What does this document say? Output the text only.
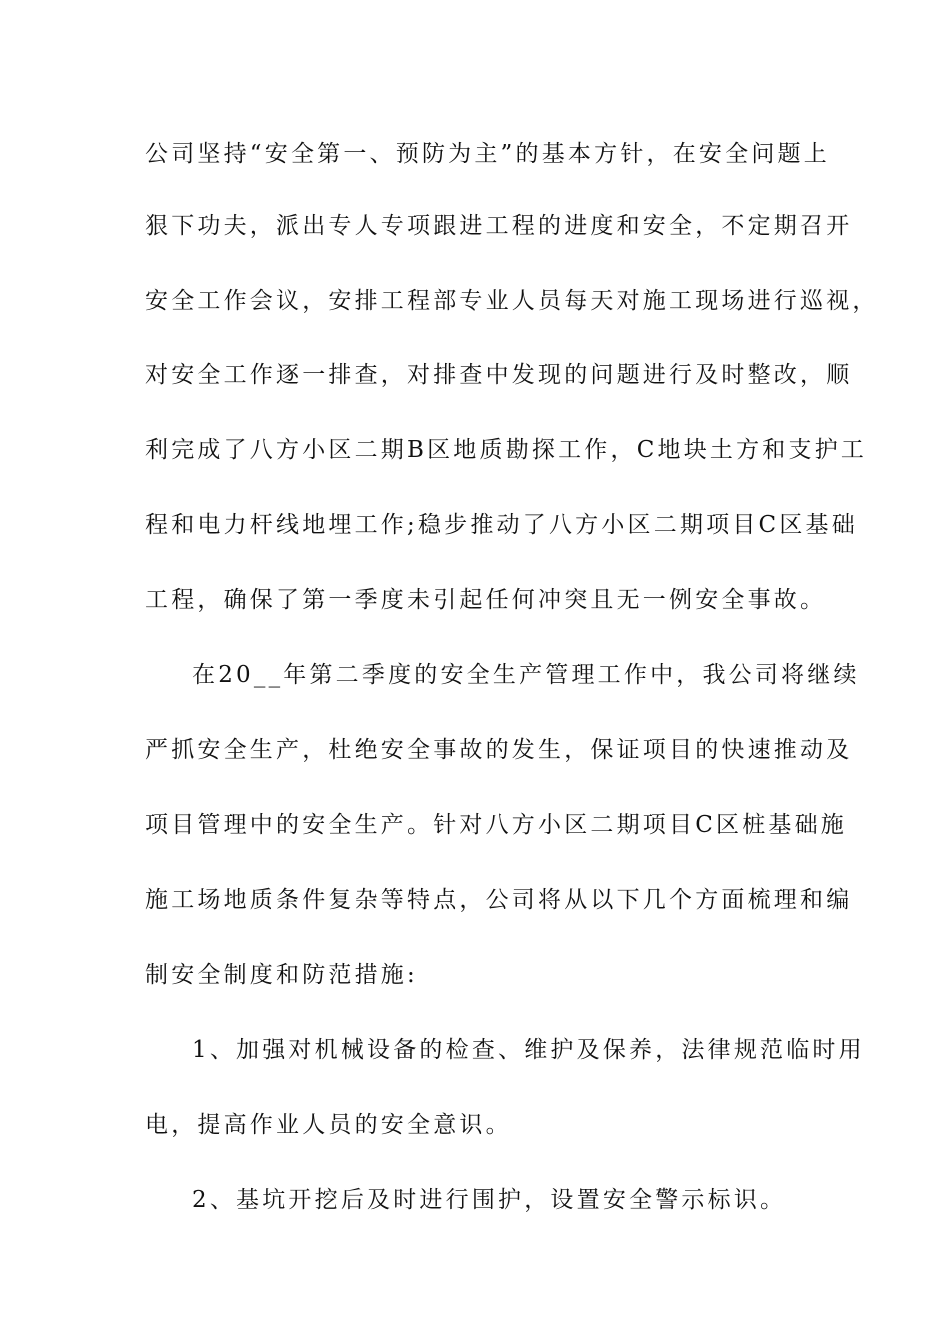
公司坚持“安全第一、预防为主”的基本方针，在安全问题上
狠下功夫，派出专人专项跟进工程的进度和安全，不定期召开
安全工作会议，安排工程部专业人员每天对施工现场进行巡视，
对安全工作逐一排查，对排查中发现的问题进行及时整改，顺
利完成了八方小区二期B区地质勘探工作，C地块土方和支护工
程和电力杆线地埋工作;稳步推动了八方小区二期项目C区基础
工程，确保了第一季度未引起任何冲突且无一例安全事故。
在20__年第二季度的安全生产管理工作中，我公司将继续
严抓安全生产，杜绝安全事故的发生，保证项目的快速推动及
项目管理中的安全生产。针对八方小区二期项目C区桩基础施
施工场地质条件复杂等特点，公司将从以下几个方面梳理和编
制安全制度和防范措施:
1、加强对机械设备的检查、维护及保养，法律规范临时用
电，提高作业人员的安全意识。
2、基坑开挖后及时进行围护，设置安全警示标识。
